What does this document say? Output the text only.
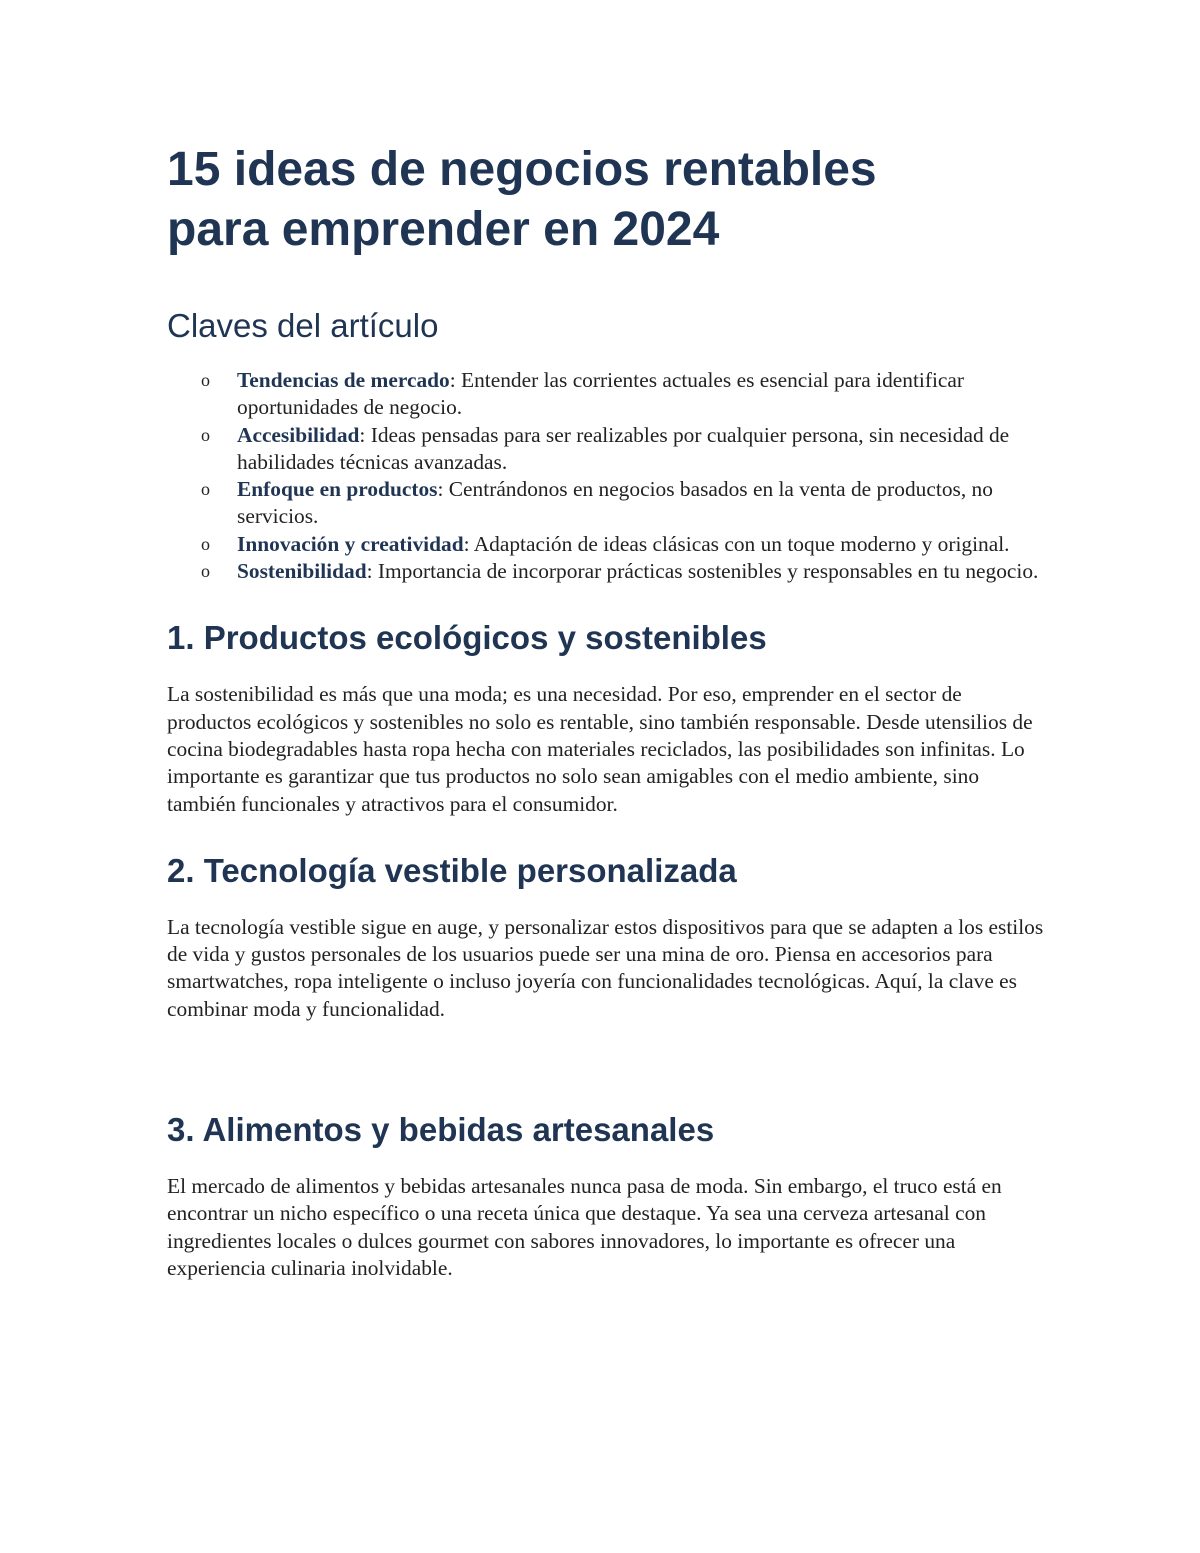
15 ideas de negocios rentables para emprender en 2024
Claves del artículo
o Tendencias de mercado: Entender las corrientes actuales es esencial para identificar oportunidades de negocio.
o Accesibilidad: Ideas pensadas para ser realizables por cualquier persona, sin necesidad de habilidades técnicas avanzadas.
o Enfoque en productos: Centrándonos en negocios basados en la venta de productos, no servicios.
o Innovación y creatividad: Adaptación de ideas clásicas con un toque moderno y original.
o Sostenibilidad: Importancia de incorporar prácticas sostenibles y responsables en tu negocio.
1. Productos ecológicos y sostenibles

La sostenibilidad es más que una moda; es una necesidad. Por eso, emprender en el sector de productos ecológicos y sostenibles no solo es rentable, sino también responsable. Desde utensilios de cocina biodegradables hasta ropa hecha con materiales reciclados, las posibilidades son infinitas. Lo importante es garantizar que tus productos no solo sean amigables con el medio ambiente, sino también funcionales y atractivos para el consumidor.

2. Tecnología vestible personalizada

La tecnología vestible sigue en auge, y personalizar estos dispositivos para que se adapten a los estilos de vida y gustos personales de los usuarios puede ser una mina de oro. Piensa en accesorios para smartwatches, ropa inteligente o incluso joyería con funcionalidades tecnológicas. Aquí, la clave es combinar moda y funcionalidad.

3. Alimentos y bebidas artesanales

El mercado de alimentos y bebidas artesanales nunca pasa de moda. Sin embargo, el truco está en encontrar un nicho específico o una receta única que destaque. Ya sea una cerveza artesanal con ingredientes locales o dulces gourmet con sabores innovadores, lo importante es ofrecer una experiencia culinaria inolvidable.
